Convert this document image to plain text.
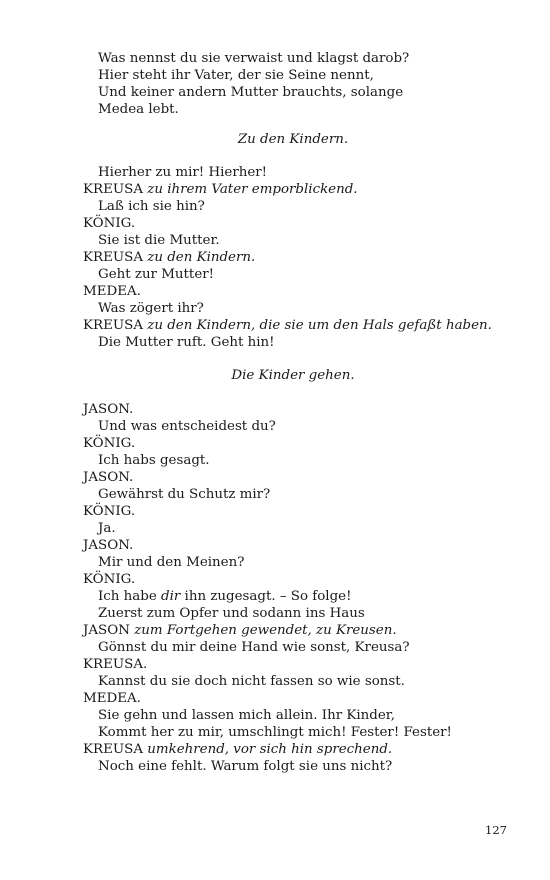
Was nennst du sie verwaist und klagst darob?
Hier steht ihr Vater, der sie Seine nennt,
Und keiner andern Mutter brauchts, solange
Medea lebt.
Zu den Kindern.
Hierher zu mir! Hierher!
KREUSA zu ihrem Vater emporblickend.
Laß ich sie hin?
KÖNIG.
Sie ist die Mutter.
KREUSA zu den Kindern.
Geht zur Mutter!
MEDEA.
Was zögert ihr?
KREUSA zu den Kindern, die sie um den Hals gefaßt haben.
Die Mutter ruft. Geht hin!
Die Kinder gehen.
JASON.
Und was entscheidest du?
KÖNIG.
Ich habs gesagt.
JASON.
Gewährst du Schutz mir?
KÖNIG.
Ja.
JASON.
Mir und den Meinen?
KÖNIG.
Ich habe dir ihn zugesagt. – So folge!
Zuerst zum Opfer und sodann ins Haus
JASON zum Fortgehen gewendet, zu Kreusen.
Gönnst du mir deine Hand wie sonst, Kreusa?
KREUSA.
Kannst du sie doch nicht fassen so wie sonst.
MEDEA.
Sie gehn und lassen mich allein. Ihr Kinder,
Kommt her zu mir, umschlingt mich! Fester! Fester!
KREUSA umkehrend, vor sich hin sprechend.
Noch eine fehlt. Warum folgt sie uns nicht?
127
